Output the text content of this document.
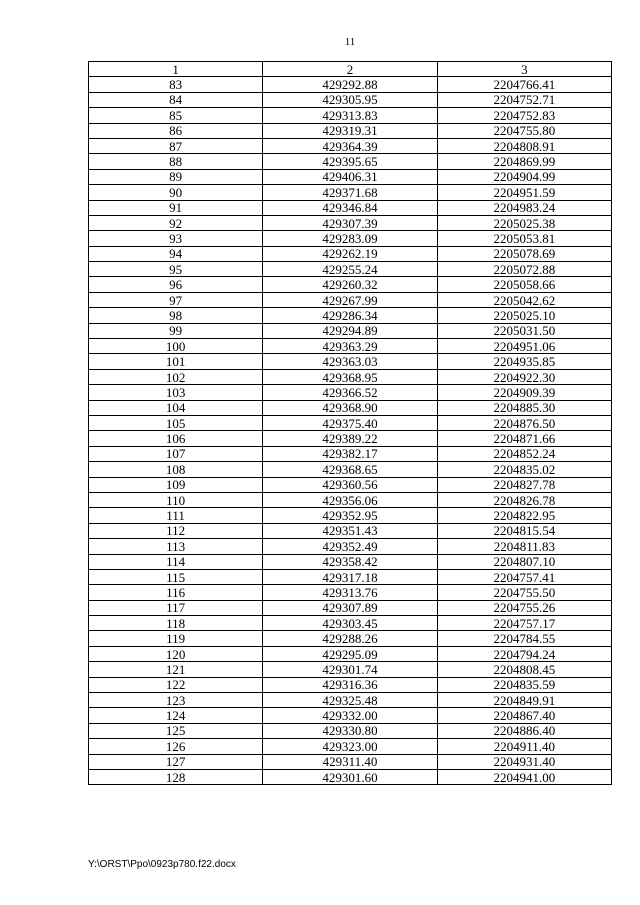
11
1	2	3
83	429292.88	2204766.41
84	429305.95	2204752.71
85	429313.83	2204752.83
86	429319.31	2204755.80
87	429364.39	2204808.91
88	429395.65	2204869.99
89	429406.31	2204904.99
90	429371.68	2204951.59
91	429346.84	2204983.24
92	429307.39	2205025.38
93	429283.09	2205053.81
94	429262.19	2205078.69
95	429255.24	2205072.88
96	429260.32	2205058.66
97	429267.99	2205042.62
98	429286.34	2205025.10
99	429294.89	2205031.50
100	429363.29	2204951.06
101	429363.03	2204935.85
102	429368.95	2204922.30
103	429366.52	2204909.39
104	429368.90	2204885.30
105	429375.40	2204876.50
106	429389.22	2204871.66
107	429382.17	2204852.24
108	429368.65	2204835.02
109	429360.56	2204827.78
110	429356.06	2204826.78
111	429352.95	2204822.95
112	429351.43	2204815.54
113	429352.49	2204811.83
114	429358.42	2204807.10
115	429317.18	2204757.41
116	429313.76	2204755.50
117	429307.89	2204755.26
118	429303.45	2204757.17
119	429288.26	2204784.55
120	429295.09	2204794.24
121	429301.74	2204808.45
122	429316.36	2204835.59
123	429325.48	2204849.91
124	429332.00	2204867.40
125	429330.80	2204886.40
126	429323.00	2204911.40
127	429311.40	2204931.40
128	429301.60	2204941.00
Y:\ORST\Ppo\0923p780.f22.docx
